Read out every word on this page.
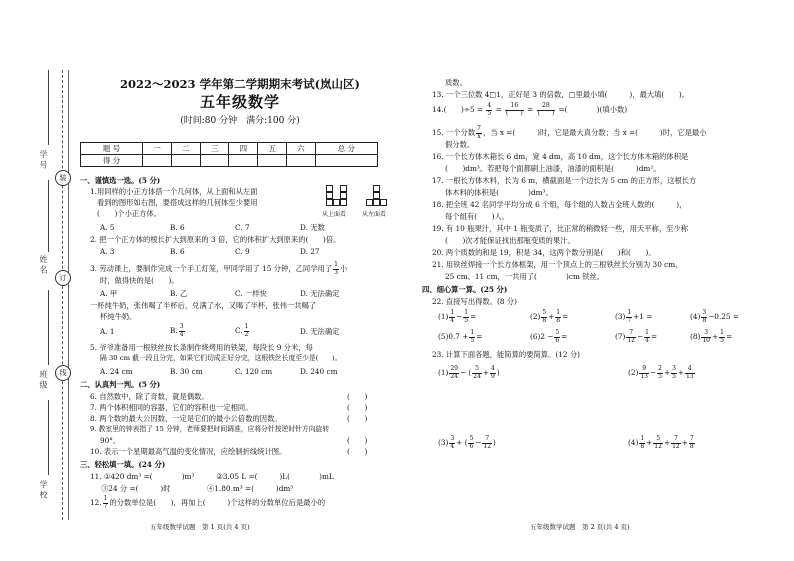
学 号
姓 名
班 级
学 校
装
订
线
2022～2023 学年第二学期期末考试(岚山区)
五年级数学
(时间:80 分钟　满分:100 分)
题 号	一	二	三	四	五	六	总 分
得 分							
一、谨慎选一选。(5 分)
1.用同样的小正方体搭一个几何体，从上面和从左面
看到的图形如右图，要搭成这样的几何体至少要用
(　　)个小正方体。	从上面看	从左面看
A. 5	B. 6	C. 7	D. 无数
2. 把一个正方体的棱长扩大到原来的 3 倍，它的体积扩大到原来的(　　)倍。
A. 3	B. 6	C. 9	D. 27
3. 劳动课上，要制作完成一个手工灯笼，甲同学用了 15 分钟，乙同学用了 $\frac{1}{3}$ 小
时，做得快的是(　　)。
A. 甲	B. 乙	C. 一样快	D. 无法确定
一杯纯牛奶，张伟喝了半杯后，兑满了水，又喝了半杯，张伟一共喝了
杯纯牛奶。
A. 1	B. $\frac{3}{4}$	C. $\frac{1}{2}$	D. 无法确定
5. 爷爷准备用一根铁丝按长条制作烧烤用的铁架，每段长 9 分米，每
隔 30 cm 截一段且分完，如果它们切成正好分完，这根铁丝长度至少是(　　)。
A. 24 cm	B. 30 cm	C. 120 cm	D. 240 cm
二、认真判一判。(5 分)
6. 自然数中，除了奇数，就是偶数。	(　　)
7. 两个体积相同的容器，它们的容积也一定相同。	(　　)
8. 两个数的最大公因数，一定是它们的最小公倍数的因数。	(　　)
9. 教室里的钟表指了 15 分钟，老师要把时间调准，应将分针按逆时针方向旋转
90°。	(　　)
10. 表示一个星期最高气温的变化情况，应绘制折线统计图。	(　　)
三、轻松填一填。(24 分)
11. ①420 dm³ =(　　　　)m³　　　②3.05 L =(　　　)L(　　　　)mL
③24 分 =(　　　)时　　　　　④1.80 m³ =(　　　)dm³
12. $\frac{1}{7}$ 的分数单位是(　　)，再加上(　　　)个这样的分数单位后是最小的
五年级数学试题　第 1 页(共 4 页)
质数。
13. 一个三位数 4□1，正好是 3 的倍数，□里最小填(　　　)，最大填(　　)。
14.(　　)$\div 5 = \frac{4}{5} = \frac{16}{( )} = \frac{28}{( )}$ =(　　　　)(填小数)
15. 一个分数 $\frac{7}{x}$ ，当 x =(　　　)时，它是最大真分数；当 x =(　　　)时，它是最小
假分数。
16. 一个长方体木箱长 6 dm，宽 4 dm，高 10 dm，这个长方体木箱的体积是
(　　)dm³。若把每个面都刷上油漆，油漆的面积是(　　　)dm²。
17. 一根长方体木料，长为 6 m，横截面是一个边长为 5 cm 的正方形，这根长方
体木料的体积是(　　　　)dm³。
18. 把全班 42 名同学平均分成 6 个组，每个组的人数占全班人数的(　　　)，
每个组有(　　)人。
19. 有 10 瓶果汁，其中 1 瓶变质了，比正常的稍微轻一些，用天平称，至少称
(　　)次才能保证找出那瓶变质的果汁。
20. 两个质数的和是 19，积是 34，这两个数分别是(　　)和(　　)。
21. 用铁丝焊接一个长方体框架，用一个顶点上的三根铁丝长分别为 30 cm、
25 cm、11 cm，一共用了(　　　　)cm 铁丝。
四、细心算一算。(25 分)
22. 直接写出得数。(8 分)
$(1) \frac{1}{4} - \frac{1}{5}$ =	$(2) \frac{5}{8} + \frac{1}{8}$ =	$(3) \frac{1}{7} +1$ =	$(4) \frac{3}{8} -0.25$ =
$(5)0.7 + \frac{1}{5}$ =	$(6)2 - \frac{5}{6}$ =	$(7) \frac{7}{12} - \frac{1}{4}$ =	$(8) \frac{3}{10} + \frac{1}{5}$ =
23. 计算下面各题，能简算的要简算。(12 分)
$(1) \frac{29}{24}$ − ( $\frac{5}{24} + \frac{4}{9}$ )	$(2) \frac{9}{13} - \frac{2}{5} + \frac{3}{5} + \frac{4}{13}$
$(3) \frac{3}{4}$ + ( $\frac{5}{6} - \frac{7}{12}$ )	$(4) \frac{1}{8} + \frac{5}{12} + \frac{7}{12} + \frac{7}{8}$
五年级数学试题　第 2 页(共 4 页)
